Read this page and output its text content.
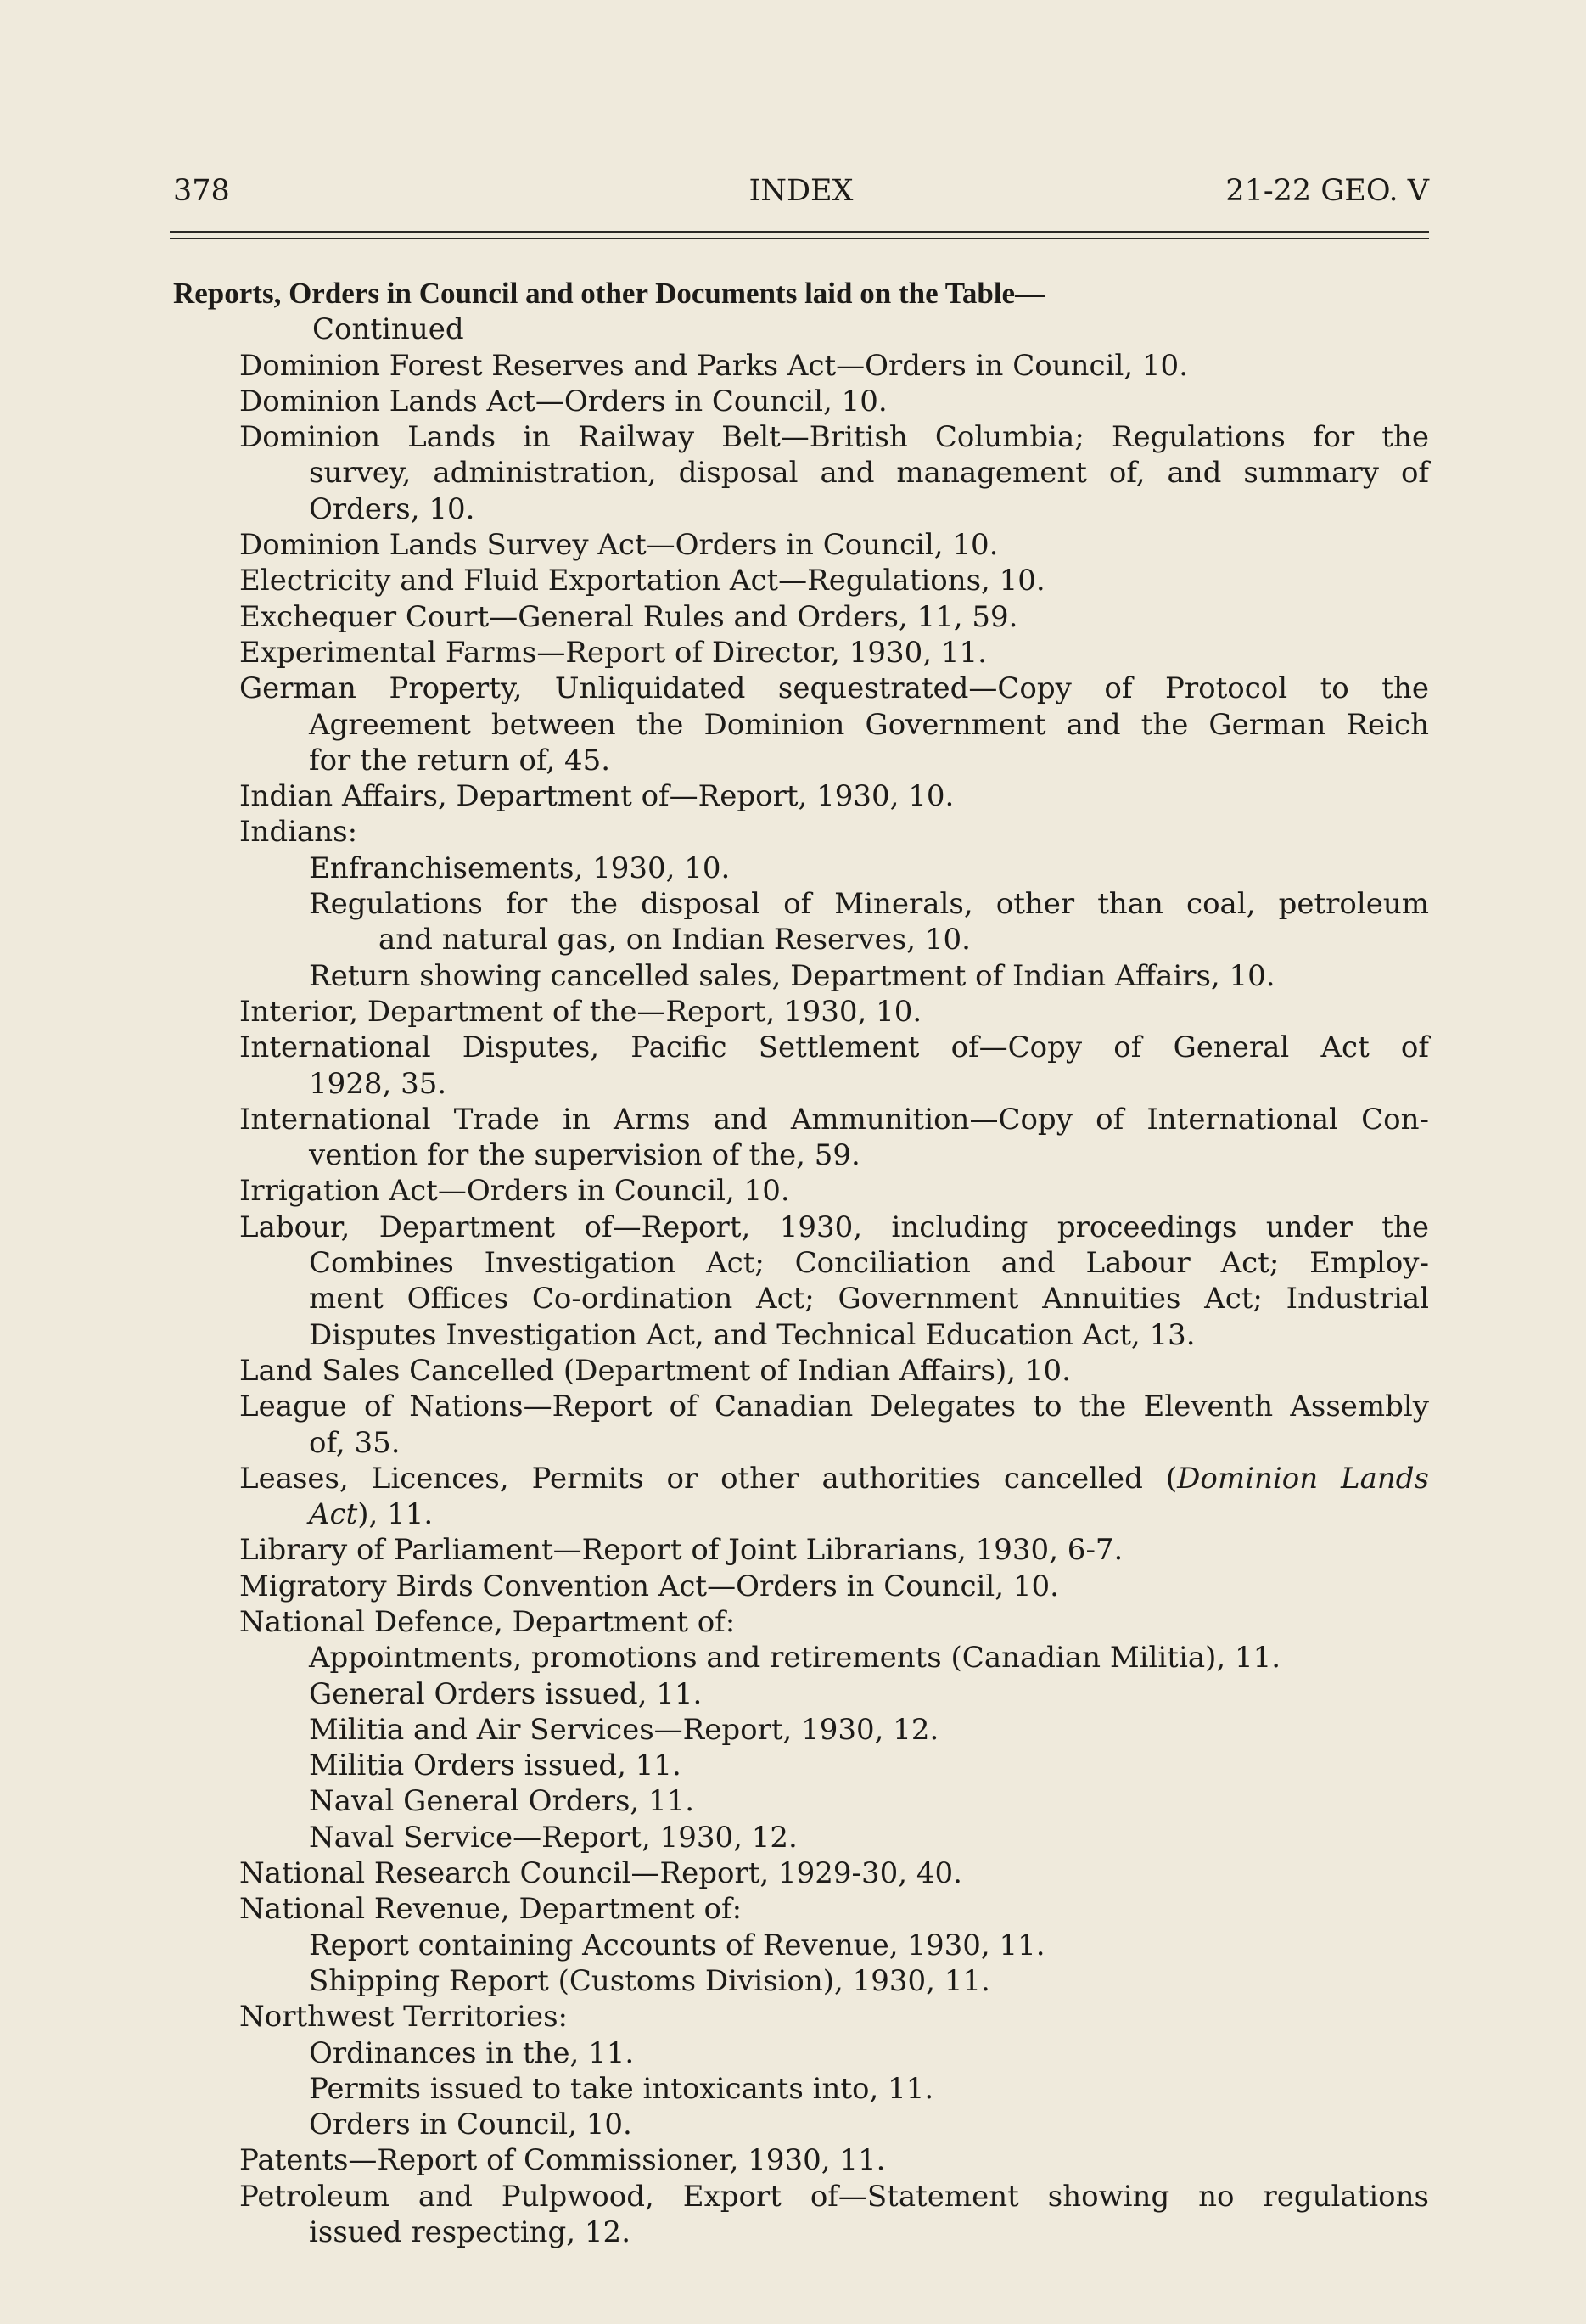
378	INDEX	21-22 GEO. V
Reports, Orders in Council and other Documents laid on the Table—
Continued
Dominion Forest Reserves and Parks Act—Orders in Council, 10.
Dominion Lands Act—Orders in Council, 10.
Dominion Lands in Railway Belt—British Columbia; Regulations for the
survey, administration, disposal and management of, and summary of
Orders, 10.
Dominion Lands Survey Act—Orders in Council, 10.
Electricity and Fluid Exportation Act—Regulations, 10.
Exchequer Court—General Rules and Orders, 11, 59.
Experimental Farms—Report of Director, 1930, 11.
German Property, Unliquidated sequestrated—Copy of Protocol to the
Agreement between the Dominion Government and the German Reich
for the return of, 45.
Indian Affairs, Department of—Report, 1930, 10.
Indians:
Enfranchisements, 1930, 10.
Regulations for the disposal of Minerals, other than coal, petroleum
and natural gas, on Indian Reserves, 10.
Return showing cancelled sales, Department of Indian Affairs, 10.
Interior, Department of the—Report, 1930, 10.
International Disputes, Pacific Settlement of—Copy of General Act of
1928, 35.
International Trade in Arms and Ammunition—Copy of International Con-
vention for the supervision of the, 59.
Irrigation Act—Orders in Council, 10.
Labour, Department of—Report, 1930, including proceedings under the
Combines Investigation Act; Conciliation and Labour Act; Employ-
ment Offices Co-ordination Act; Government Annuities Act; Industrial
Disputes Investigation Act, and Technical Education Act, 13.
Land Sales Cancelled (Department of Indian Affairs), 10.
League of Nations—Report of Canadian Delegates to the Eleventh Assembly
of, 35.
Leases, Licences, Permits or other authorities cancelled (Dominion Lands
Act), 11.
Library of Parliament—Report of Joint Librarians, 1930, 6-7.
Migratory Birds Convention Act—Orders in Council, 10.
National Defence, Department of:
Appointments, promotions and retirements (Canadian Militia), 11.
General Orders issued, 11.
Militia and Air Services—Report, 1930, 12.
Militia Orders issued, 11.
Naval General Orders, 11.
Naval Service—Report, 1930, 12.
National Research Council—Report, 1929-30, 40.
National Revenue, Department of:
Report containing Accounts of Revenue, 1930, 11.
Shipping Report (Customs Division), 1930, 11.
Northwest Territories:
Ordinances in the, 11.
Permits issued to take intoxicants into, 11.
Orders in Council, 10.
Patents—Report of Commissioner, 1930, 11.
Petroleum and Pulpwood, Export of—Statement showing no regulations
issued respecting, 12.
